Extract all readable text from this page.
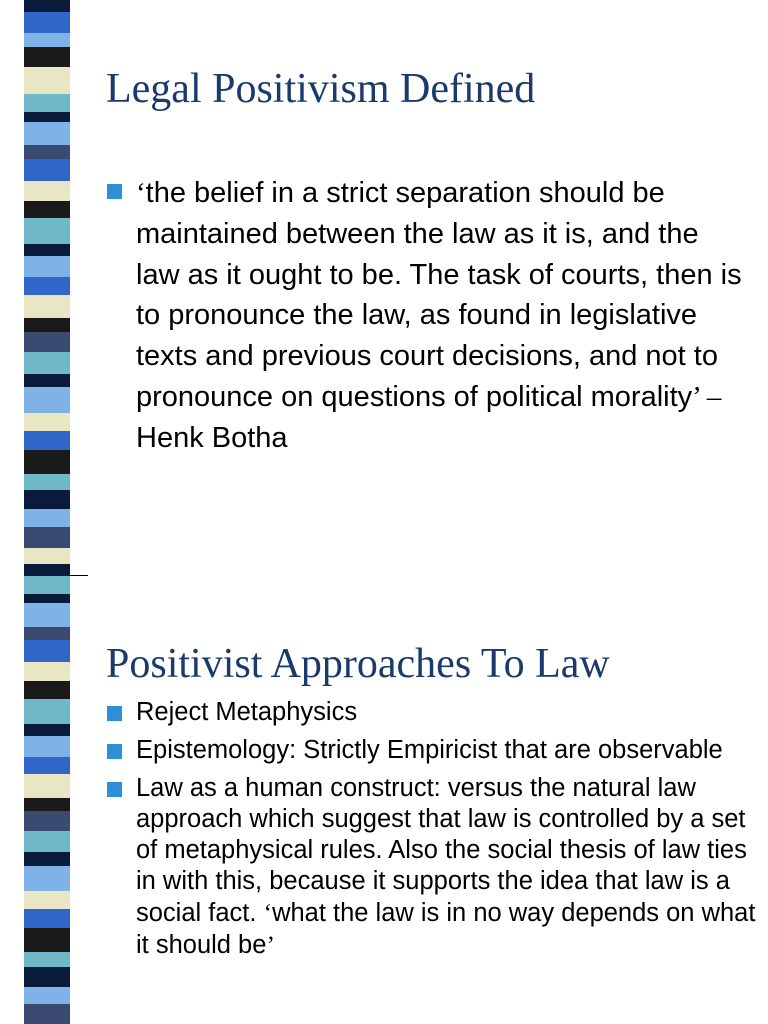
Legal Positivism Defined
‘the belief in a strict separation should be maintained between the law as it is, and the law as it ought to be. The task of courts, then is to pronounce the law, as found in legislative texts and previous court decisions, and not to pronounce on questions of political morality’ – Henk Botha
Positivist Approaches To Law
Reject Metaphysics
Epistemology: Strictly Empiricist that are observable
Law as a human construct: versus the natural law approach which suggest that law is controlled by a set of metaphysical rules. Also the social thesis of law ties in with this, because it supports the idea that law is a social fact. ‘what the law is in no way depends on what it should be’
